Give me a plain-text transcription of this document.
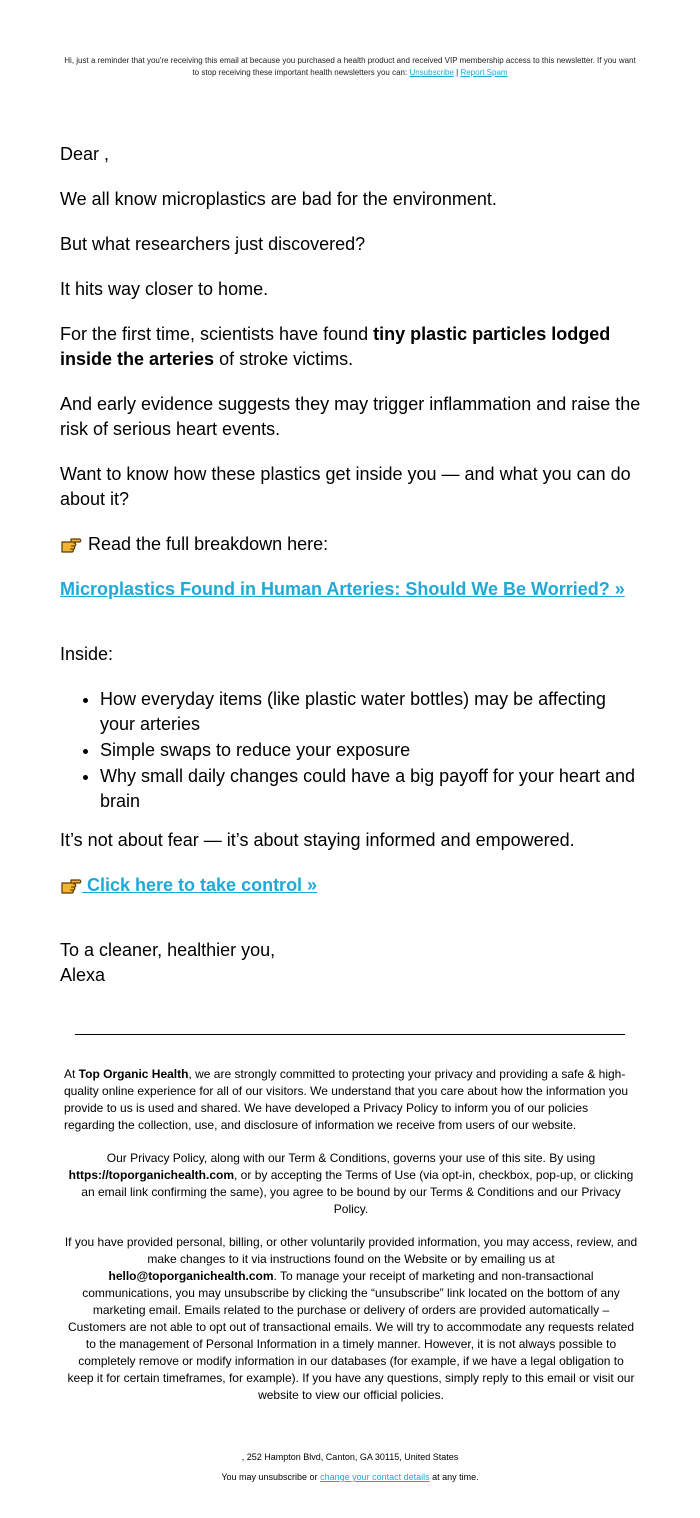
Hi, just a reminder that you're receiving this email at because you purchased a health product and received VIP membership access to this newsletter. If you want to stop receiving these important health newsletters you can: Unsubscribe | Report Spam

Dear ,

We all know microplastics are bad for the environment.

But what researchers just discovered?

It hits way closer to home.

For the first time, scientists have found tiny plastic particles lodged inside the arteries of stroke victims.

And early evidence suggests they may trigger inflammation and raise the risk of serious heart events.

Want to know how these plastics get inside you — and what you can do about it?

Read the full breakdown here:

Microplastics Found in Human Arteries: Should We Be Worried? »

Inside:

• How everyday items (like plastic water bottles) may be affecting your arteries
• Simple swaps to reduce your exposure
• Why small daily changes could have a big payoff for your heart and brain

It’s not about fear — it’s about staying informed and empowered.

Click here to take control »

To a cleaner, healthier you,

Alexa

At Top Organic Health, we are strongly committed to protecting your privacy and providing a safe & high-quality online experience for all of our visitors. We understand that you care about how the information you provide to us is used and shared. We have developed a Privacy Policy to inform you of our policies regarding the collection, use, and disclosure of information we receive from users of our website.

Our Privacy Policy, along with our Term & Conditions, governs your use of this site. By using https://toporganichealth.com, or by accepting the Terms of Use (via opt-in, checkbox, pop-up, or clicking an email link confirming the same), you agree to be bound by our Terms & Conditions and our Privacy Policy.

If you have provided personal, billing, or other voluntarily provided information, you may access, review, and make changes to it via instructions found on the Website or by emailing us at hello@toporganichealth.com. To manage your receipt of marketing and non-transactional communications, you may unsubscribe by clicking the “unsubscribe” link located on the bottom of any marketing email. Emails related to the purchase or delivery of orders are provided automatically – Customers are not able to opt out of transactional emails. We will try to accommodate any requests related to the management of Personal Information in a timely manner. However, it is not always possible to completely remove or modify information in our databases (for example, if we have a legal obligation to keep it for certain timeframes, for example). If you have any questions, simply reply to this email or visit our website to view our official policies.

, 252 Hampton Blvd, Canton, GA 30115, United States
You may unsubscribe or change your contact details at any time.
